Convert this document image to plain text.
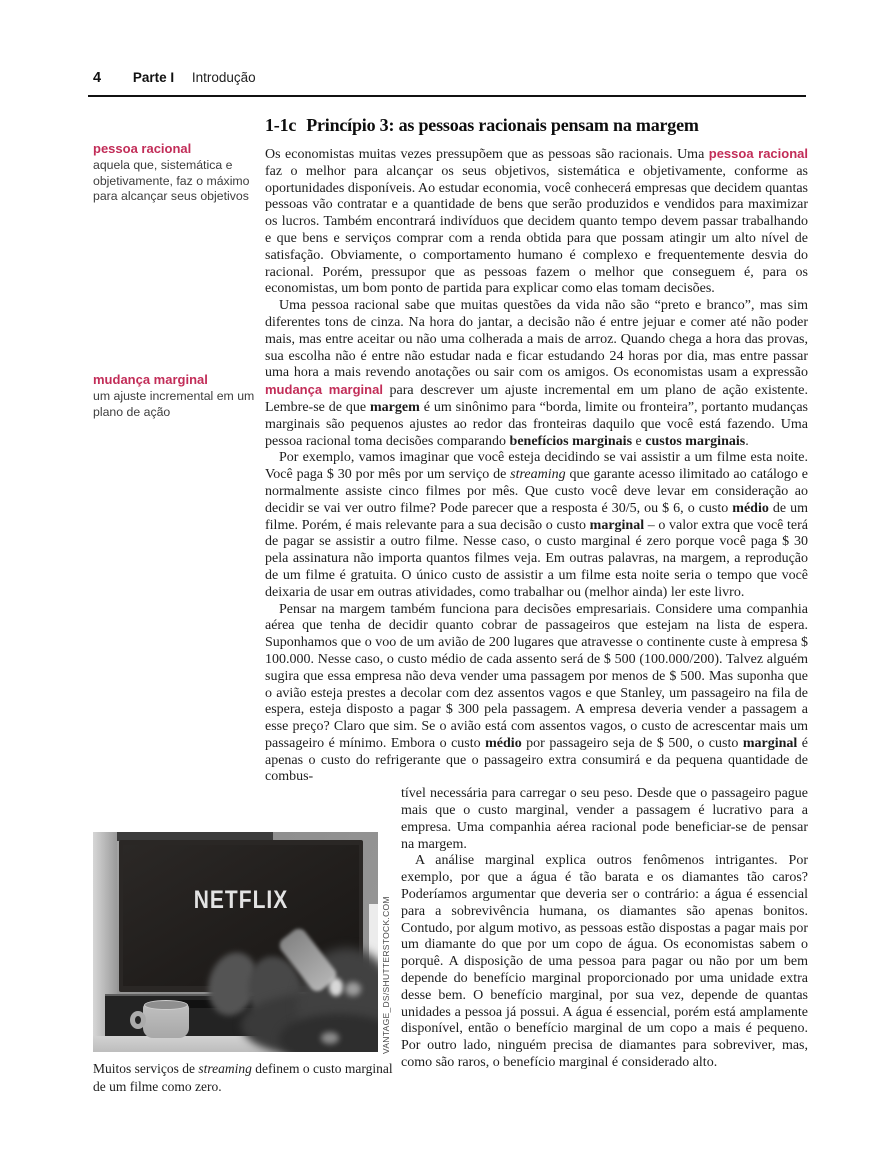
4 Parte I Introdução
pessoa racional
aquela que, sistemática e objetivamente, faz o máximo para alcançar seus objetivos
mudança marginal
um ajuste incremental em um plano de ação
1-1c Princípio 3: as pessoas racionais pensam na margem

Os economistas muitas vezes pressupõem que as pessoas são racionais. Uma pessoa racional faz o melhor para alcançar os seus objetivos, sistemática e objetivamente, conforme as oportunidades disponíveis. Ao estudar economia, você conhecerá empresas que decidem quantas pessoas vão contratar e a quantidade de bens que serão produzidos e vendidos para maximizar os lucros. Também encontrará indivíduos que decidem quanto tempo devem passar trabalhando e que bens e serviços comprar com a renda obtida para que possam atingir um alto nível de satisfação. Obviamente, o comportamento humano é complexo e frequentemente desvia do racional. Porém, pressupor que as pessoas fazem o melhor que conseguem é, para os economistas, um bom ponto de partida para explicar como elas tomam decisões.

Uma pessoa racional sabe que muitas questões da vida não são “preto e branco”, mas sim diferentes tons de cinza. Na hora do jantar, a decisão não é entre jejuar e comer até não poder mais, mas entre aceitar ou não uma colherada a mais de arroz. Quando chega a hora das provas, sua escolha não é entre não estudar nada e ficar estudando 24 horas por dia, mas entre passar uma hora a mais revendo anotações ou sair com os amigos. Os economistas usam a expressão mudança marginal para descrever um ajuste incremental em um plano de ação existente. Lembre-se de que margem é um sinônimo para “borda, limite ou fronteira”, portanto mudanças marginais são pequenos ajustes ao redor das fronteiras daquilo que você está fazendo. Uma pessoa racional toma decisões comparando benefícios marginais e custos marginais.

Por exemplo, vamos imaginar que você esteja decidindo se vai assistir a um filme esta noite. Você paga $ 30 por mês por um serviço de streaming que garante acesso ilimitado ao catálogo e normalmente assiste cinco filmes por mês. Que custo você deve levar em consideração ao decidir se vai ver outro filme? Pode parecer que a resposta é 30/5, ou $ 6, o custo médio de um filme. Porém, é mais relevante para a sua decisão o custo marginal – o valor extra que você terá de pagar se assistir a outro filme. Nesse caso, o custo marginal é zero porque você paga $ 30 pela assinatura não importa quantos filmes veja. Em outras palavras, na margem, a reprodução de um filme é gratuita. O único custo de assistir a um filme esta noite seria o tempo que você deixaria de usar em outras atividades, como trabalhar ou (melhor ainda) ler este livro.

Pensar na margem também funciona para decisões empresariais. Considere uma companhia aérea que tenha de decidir quanto cobrar de passageiros que estejam na lista de espera. Suponhamos que o voo de um avião de 200 lugares que atravesse o continente custe à empresa $ 100.000. Nesse caso, o custo médio de cada assento será de $ 500 (100.000/200). Talvez alguém sugira que essa empresa não deva vender uma passagem por menos de $ 500. Mas suponha que o avião esteja prestes a decolar com dez assentos vagos e que Stanley, um passageiro na fila de espera, esteja disposto a pagar $ 300 pela passagem. A empresa deveria vender a passagem a esse preço? Claro que sim. Se o avião está com assentos vagos, o custo de acrescentar mais um passageiro é mínimo. Embora o custo médio por passageiro seja de $ 500, o custo marginal é apenas o custo do refrigerante que o passageiro extra consumirá e da pequena quantidade de combus-

tível necessária para carregar o seu peso. Desde que o passageiro pague mais que o custo marginal, vender a passagem é lucrativo para a empresa. Uma companhia aérea racional pode beneficiar-se de pensar na margem.

A análise marginal explica outros fenômenos intrigantes. Por exemplo, por que a água é tão barata e os diamantes tão caros? Poderíamos argumentar que deveria ser o contrário: a água é essencial para a sobrevivência humana, os diamantes são apenas bonitos. Contudo, por algum motivo, as pessoas estão dispostas a pagar mais por um diamante do que por um copo de água. Os economistas sabem o porquê. A disposição de uma pessoa para pagar ou não por um bem depende do benefício marginal proporcionado por uma unidade extra desse bem. O benefício marginal, por sua vez, depende de quantas unidades a pessoa já possui. A água é essencial, porém está amplamente disponível, então o benefício marginal de um copo a mais é pequeno. Por outro lado, ninguém precisa de diamantes para sobreviver, mas, como são raros, o benefício marginal é considerado alto.

NETFLIX	VANTAGE_DS/SHUTTERSTOCK.COM
Muitos serviços de streaming definem o custo marginal de um filme como zero.
